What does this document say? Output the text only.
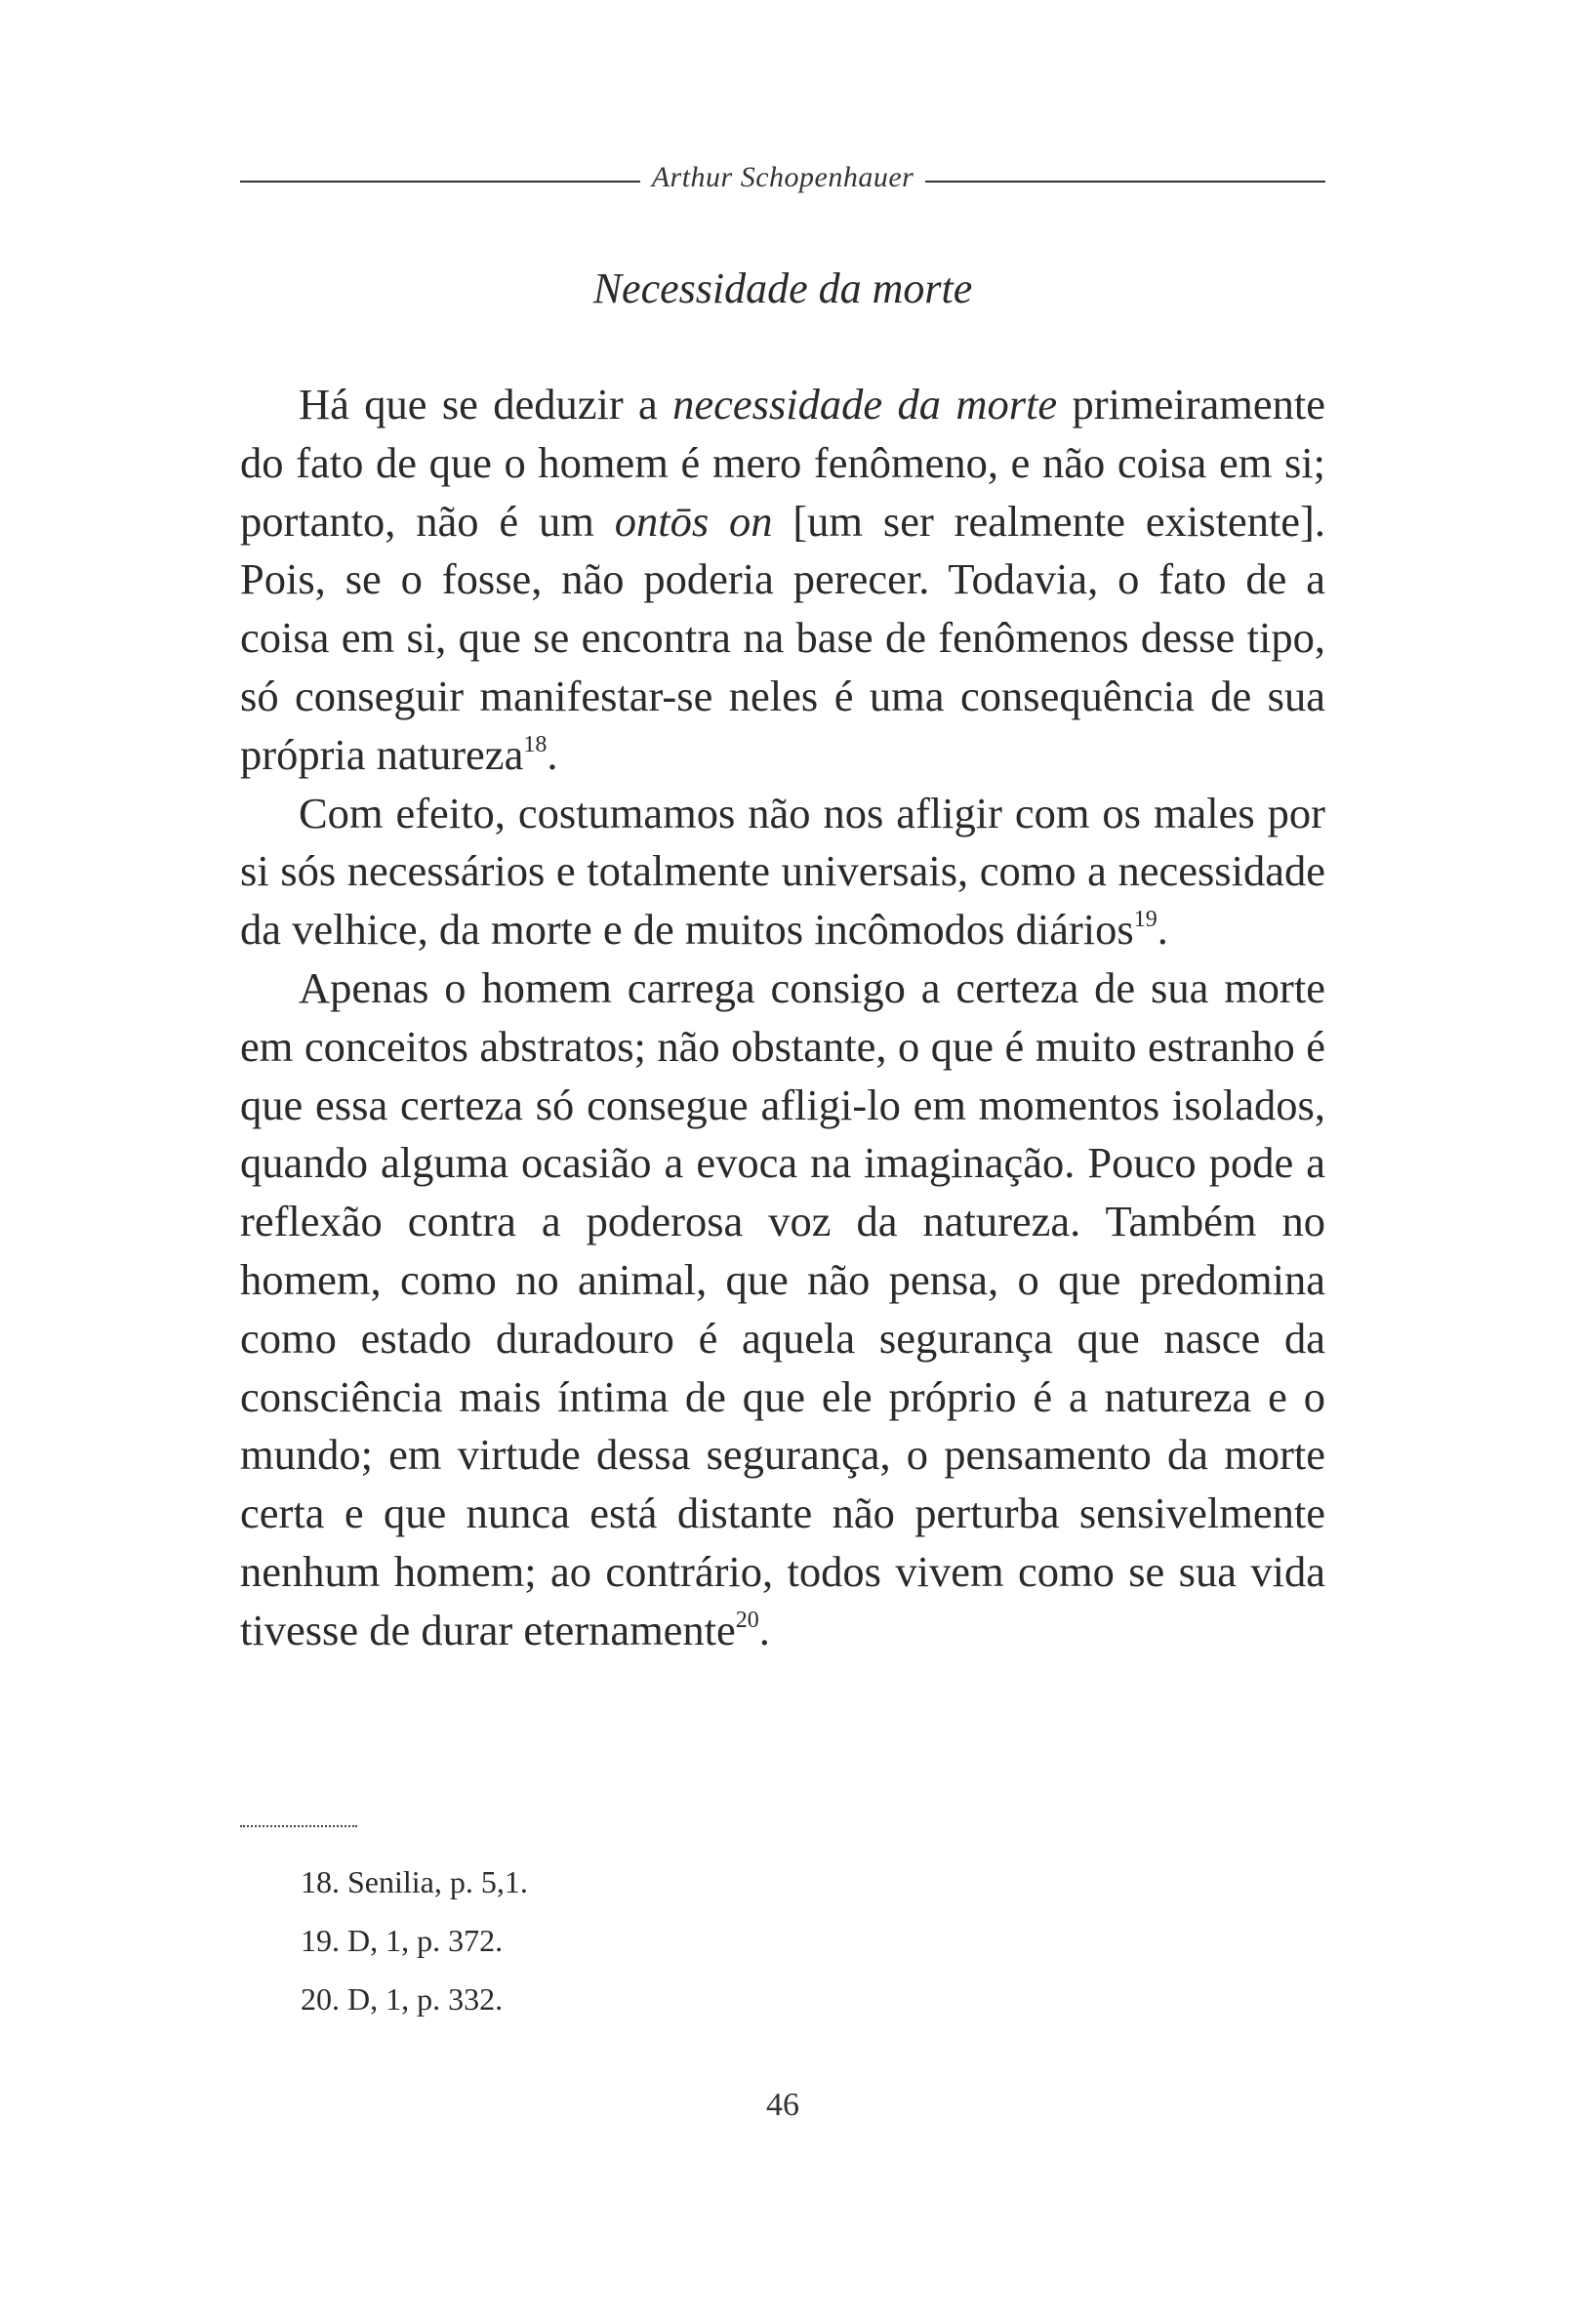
Arthur Schopenhauer
Necessidade da morte

Há que se deduzir a necessidade da morte primeiramente do fato de que o homem é mero fenômeno, e não coisa em si; portanto, não é um ontōs on [um ser realmente existente]. Pois, se o fosse, não poderia perecer. Todavia, o fato de a coisa em si, que se encontra na base de fenômenos desse tipo, só conseguir manifestar-se neles é uma consequência de sua própria natureza$^{18}$.

Com efeito, costumamos não nos afligir com os males por si sós necessários e totalmente universais, como a necessidade da velhice, da morte e de muitos incômodos diários$^{19}$.

Apenas o homem carrega consigo a certeza de sua morte em conceitos abstratos; não obstante, o que é muito estranho é que essa certeza só consegue afligi-lo em momentos isolados, quando alguma ocasião a evoca na imaginação. Pouco pode a reflexão contra a poderosa voz da natureza. Também no homem, como no animal, que não pensa, o que predomina como estado duradouro é aquela segurança que nasce da consciência mais íntima de que ele próprio é a natureza e o mundo; em virtude dessa segurança, o pensamento da morte certa e que nunca está distante não perturba sensivelmente nenhum homem; ao contrário, todos vivem como se sua vida tivesse de durar eternamente$^{20}$.

18. Senilia, p. 5,1.
19. D, 1, p. 372.
20. D, 1, p. 332.
46
